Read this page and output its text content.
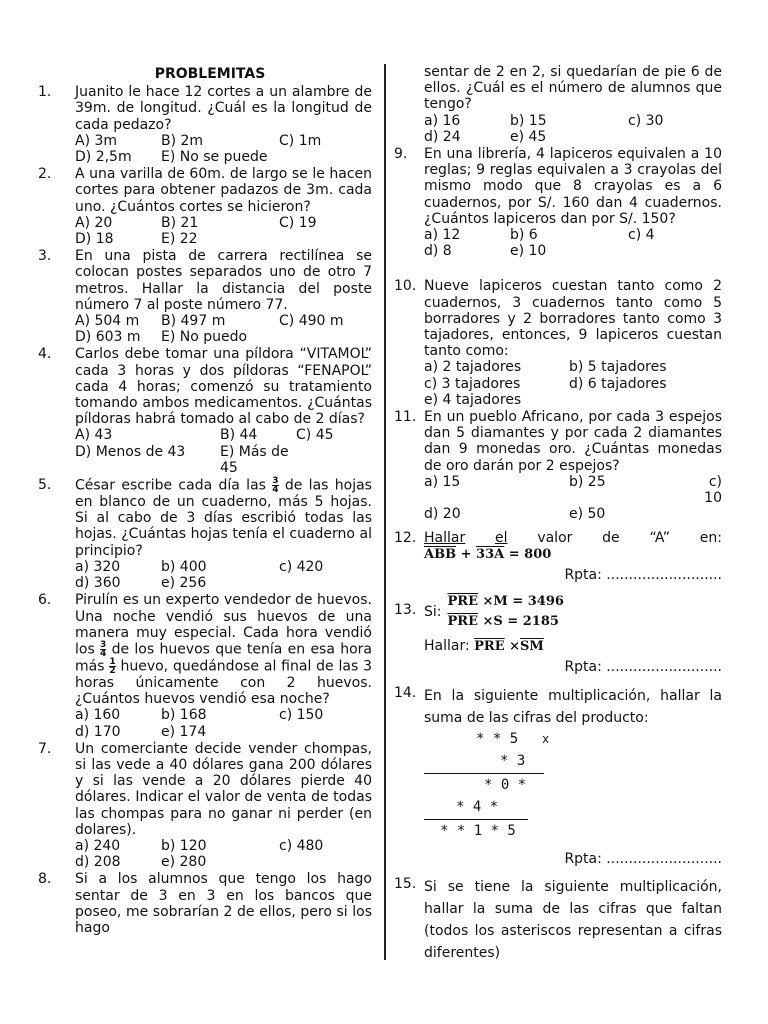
PROBLEMITAS
1.	Juanito le hace 12 cortes a un alambre de 39m. de longitud. ¿Cuál es la longitud de cada pedazo?
A) 3m	B) 2m	C) 1m
D) 2,5m	E) No se puede
2.	A una varilla de 60m. de largo se le hacen cortes para obtener padazos de 3m. cada uno. ¿Cuántos cortes se hicieron?
A) 20	B) 21	C) 19
D) 18	E) 22
3.	En una pista de carrera rectilínea se colocan postes separados uno de otro 7 metros. Hallar la distancia del poste número 7 al poste número 77.
A) 504 m	B) 497 m	C) 490 m
D) 603 m	E) No puedo
4.	Carlos debe tomar una píldora “VITAMOL” cada 3 horas y dos píldoras “FENAPOL” cada 4 horas; comenzó su tratamiento tomando ambos medicamentos. ¿Cuántas píldoras habrá tomado al cabo de 2 días?
A) 43	B) 44	C) 45
D) Menos de 43	E) Más de 45
5.	César escribe cada día las $\frac{3}{4}$ de las hojas en blanco de un cuaderno, más 5 hojas. Si al cabo de 3 días escribió todas las hojas. ¿Cuántas hojas tenía el cuaderno al principio?
a) 320	b) 400	c) 420
d) 360	e) 256
6.	Pirulín es un experto vendedor de huevos. Una noche vendió sus huevos de una manera muy especial. Cada hora vendió los $\frac{3}{4}$ de los huevos que tenía en esa hora más $\frac{1}{2}$ huevo, quedándose al final de las 3 horas únicamente con 2 huevos. ¿Cuántos huevos vendió esa noche?
a) 160	b) 168	c) 150
d) 170	e) 174
7.	Un comerciante decide vender chompas, si las vede a 40 dólares gana 200 dólares y si las vende a 20 dólares pierde 40 dólares. Indicar el valor de venta de todas las chompas para no ganar ni perder (en dolares).
a) 240	b) 120	c) 480
d) 208	e) 280
8.	Si a los alumnos que tengo los hago sentar de 3 en 3 en los bancos que poseo, me sobrarían 2 de ellos, pero si los hago
sentar de 2 en 2, si quedarían de pie 6 de ellos. ¿Cuál es el número de alumnos que tengo?
a) 16	b) 15	c) 30
d) 24	e) 45
9.	En una librería, 4 lapiceros equivalen a 10 reglas; 9 reglas equivalen a 3 crayolas del mismo modo que 8 crayolas es a 6 cuadernos, por S/. 160 dan 4 cuadernos. ¿Cuántos lapiceros dan por S/. 150?
a) 12	b) 6	c) 4
d) 8	e) 10
10. Nueve lapiceros cuestan tanto como 2 cuadernos, 3 cuadernos tanto como 5 borradores y 2 borradores tanto como 3 tajadores, entonces, 9 lapiceros cuestan tanto como:
a) 2 tajadores	b) 5 tajadores
c) 3 tajadores	d) 6 tajadores
e) 4 tajadores
11. En un pueblo Africano, por cada 3 espejos dan 5 diamantes y por cada 2 diamantes dan 9 monedas oro. ¿Cuántas monedas de oro darán por 2 espejos?
a) 15	b) 25	c) 10
d) 20	e) 50
12. Hallar el valor de “A” en:
$\overline{ABB} + 33A = 800$
Rpta: ..........................
13. Si:
$\overline{PRE} \times M = 3496$
$\overline{PRE} \times S = 2185$
Hallar: $\overline{PRE} \times\overline{SM}$
Rpta: ..........................
14. En la siguiente multiplicación, hallar la suma de las cifras del producto:
* * 5 x
* 3
* 0 *
* 4 *
* * 1 * 5
Rpta: ..........................
15. Si se tiene la siguiente multiplicación, hallar la suma de las cifras que faltan (todos los asteriscos representan a cifras diferentes)
